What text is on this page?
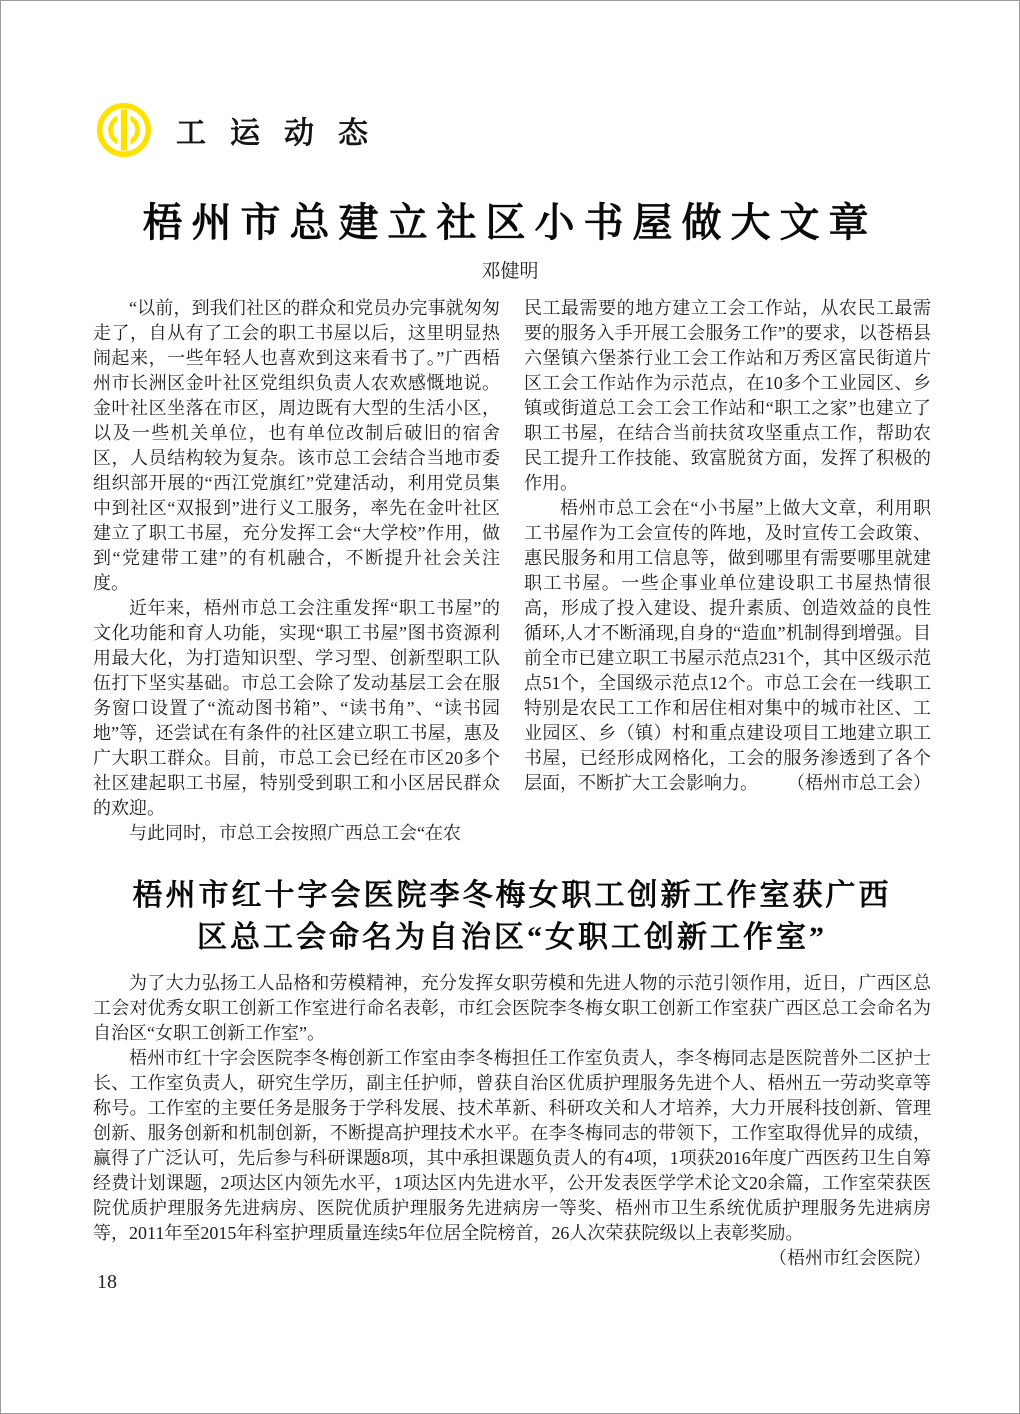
工运动态
梧州市总建立社区小书屋做大文章
邓健明

“以前，到我们社区的群众和党员办完事就匆匆走了，自从有了工会的职工书屋以后，这里明显热闹起来，一些年轻人也喜欢到这来看书了。”广西梧州市长洲区金叶社区党组织负责人农欢感慨地说。金叶社区坐落在市区，周边既有大型的生活小区，以及一些机关单位，也有单位改制后破旧的宿舍区，人员结构较为复杂。该市总工会结合当地市委组织部开展的“西江党旗红”党建活动，利用党员集中到社区“双报到”进行义工服务，率先在金叶社区建立了职工书屋，充分发挥工会“大学校”作用，做到“党建带工建”的有机融合，不断提升社会关注度。

近年来，梧州市总工会注重发挥“职工书屋”的文化功能和育人功能，实现“职工书屋”图书资源利用最大化，为打造知识型、学习型、创新型职工队伍打下坚实基础。市总工会除了发动基层工会在服务窗口设置了“流动图书箱”、“读书角”、“读书园地”等，还尝试在有条件的社区建立职工书屋，惠及广大职工群众。目前，市总工会已经在市区20多个社区建起职工书屋，特别受到职工和小区居民群众的欢迎。

与此同时，市总工会按照广西总工会“在农

民工最需要的地方建立工会工作站，从农民工最需要的服务入手开展工会服务工作”的要求，以苍梧县六堡镇六堡茶行业工会工作站和万秀区富民街道片区工会工作站作为示范点，在10多个工业园区、乡镇或街道总工会工会工作站和“职工之家”也建立了职工书屋，在结合当前扶贫攻坚重点工作，帮助农民工提升工作技能、致富脱贫方面，发挥了积极的作用。

梧州市总工会在“小书屋”上做大文章，利用职工书屋作为工会宣传的阵地，及时宣传工会政策、惠民服务和用工信息等，做到哪里有需要哪里就建职工书屋。一些企事业单位建设职工书屋热情很高，形成了投入建设、提升素质、创造效益的良性循环,人才不断涌现,自身的“造血”机制得到增强。目前全市已建立职工书屋示范点231个，其中区级示范点51个，全国级示范点12个。市总工会在一线职工特别是农民工工作和居住相对集中的城市社区、工业园区、乡（镇）村和重点建设项目工地建立职工书屋，已经形成网格化，工会的服务渗透到了各个层面，不断扩大工会影响力。 （梧州市总工会）

梧州市红十字会医院李冬梅女职工创新工作室获广西
区总工会命名为自治区“女职工创新工作室”

为了大力弘扬工人品格和劳模精神，充分发挥女职劳模和先进人物的示范引领作用，近日，广西区总工会对优秀女职工创新工作室进行命名表彰，市红会医院李冬梅女职工创新工作室获广西区总工会命名为自治区“女职工创新工作室”。

梧州市红十字会医院李冬梅创新工作室由李冬梅担任工作室负责人，李冬梅同志是医院普外二区护士长、工作室负责人，研究生学历，副主任护师，曾获自治区优质护理服务先进个人、梧州五一劳动奖章等称号。工作室的主要任务是服务于学科发展、技术革新、科研攻关和人才培养，大力开展科技创新、管理创新、服务创新和机制创新，不断提高护理技术水平。在李冬梅同志的带领下，工作室取得优异的成绩，赢得了广泛认可，先后参与科研课题8项，其中承担课题负责人的有4项，1项获2016年度广西医药卫生自筹经费计划课题，2项达区内领先水平，1项达区内先进水平，公开发表医学学术论文20余篇，工作室荣获医院优质护理服务先进病房、医院优质护理服务先进病房一等奖、梧州市卫生系统优质护理服务先进病房等，2011年至2015年科室护理质量连续5年位居全院榜首，26人次荣获院级以上表彰奖励。
（梧州市红会医院）

18
